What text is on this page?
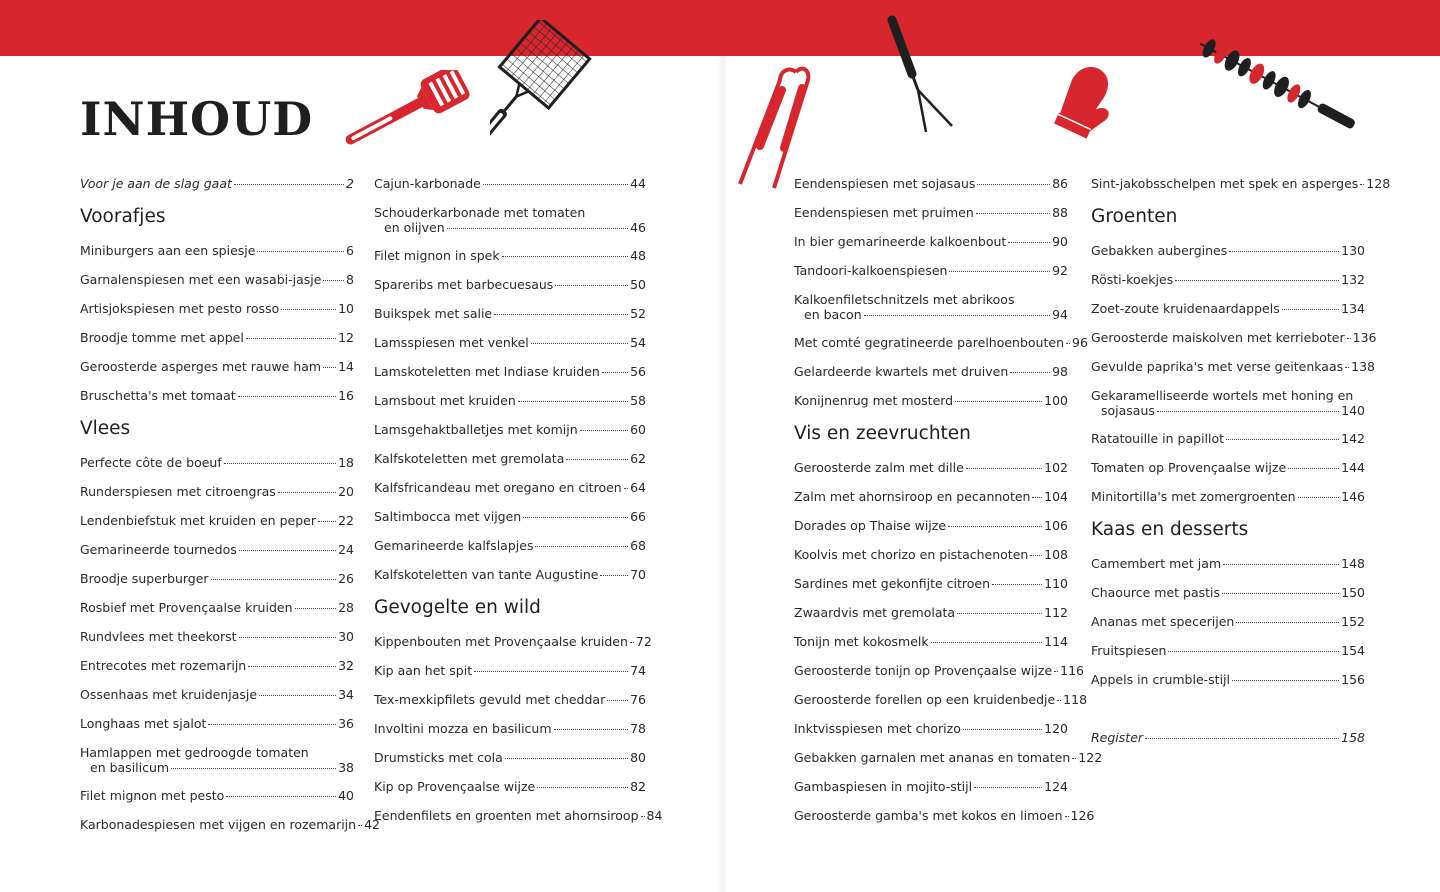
INHOUD
Voor je aan de slag gaat	2
Voorafjes
Miniburgers aan een spiesje	6
Garnalenspiesen met een wasabi-jasje 8
Artisjokspiesen met pesto rosso	10
Broodje tomme met appel	12
Geroosterde asperges met rauwe ham 14
Bruschetta's met tomaat	16
Vlees
Perfecte côte de boeuf	18
Runderspiesen met citroengras	20
Lendenbiefstuk met kruiden en peper 22
Gemarineerde tournedos	24
Broodje superburger	26
Rosbief met Provençaalse kruiden	28
Rundvlees met theekorst	30
Entrecotes met rozemarijn	32
Ossenhaas met kruidenjasje	34
Longhaas met sjalot	36
Hamlappen met gedroogde tomaten
en basilicum	38
Filet mignon met pesto	40
Karbonadespiesen met vijgen en rozemarijn 42
Cajun-karbonade	44
Schouderkarbonade met tomaten
en olijven	46
Filet mignon in spek	48
Spareribs met barbecuesaus	50
Buikspek met salie	52
Lamsspiesen met venkel	54
Lamskoteletten met Indiase kruiden 56
Lamsbout met kruiden	58
Lamsgehaktballetjes met komijn	60
Kalfskoteletten met gremolata	62
Kalfsfricandeau met oregano en citroen 64
Saltimbocca met vijgen	66
Gemarineerde kalfslapjes	68
Kalfskoteletten van tante Augustine	70
Gevogelte en wild
Kippenbouten met Provençaalse kruiden 72
Kip aan het spit	74
Tex-mexkipfilets gevuld met cheddar 76
Involtini mozza en basilicum	78
Drumsticks met cola	80
Kip op Provençaalse wijze	82
Eendenfilets en groenten met ahornsiroop 84
Eendenspiesen met sojasaus	86
Eendenspiesen met pruimen	88
In bier gemarineerde kalkoenbout	90
Tandoori-kalkoenspiesen	92
Kalkoenfiletschnitzels met abrikoos
en bacon	94
Met comté gegratineerde parelhoenbouten 96
Gelardeerde kwartels met druiven	98
Konijnenrug met mosterd	100
Vis en zeevruchten
Geroosterde zalm met dille	102
Zalm met ahornsiroop en pecannoten 104
Dorades op Thaise wijze	106
Koolvis met chorizo en pistachenoten 108
Sardines met gekonfijte citroen	110
Zwaardvis met gremolata	112
Tonijn met kokosmelk	114
Geroosterde tonijn op Provençaalse wijze 116
Geroosterde forellen op een kruidenbedje 118
Inktvisspiesen met chorizo	120
Gebakken garnalen met ananas en tomaten 122
Gambaspiesen in mojito-stijl	124
Geroosterde gamba's met kokos en limoen 126
Sint-jakobsschelpen met spek en asperges 128
Groenten
Gebakken aubergines	130
Rösti-koekjes	132
Zoet-zoute kruidenaardappels	134
Geroosterde maiskolven met kerrieboter 136
Gevulde paprika's met verse geitenkaas 138
Gekaramelliseerde wortels met honing en
sojasaus	140
Ratatouille in papillot	142
Tomaten op Provençaalse wijze	144
Minitortilla's met zomergroenten	146
Kaas en desserts
Camembert met jam	148
Chaource met pastis	150
Ananas met specerijen	152
Fruitspiesen	154
Appels in crumble-stijl	156
Register	158
